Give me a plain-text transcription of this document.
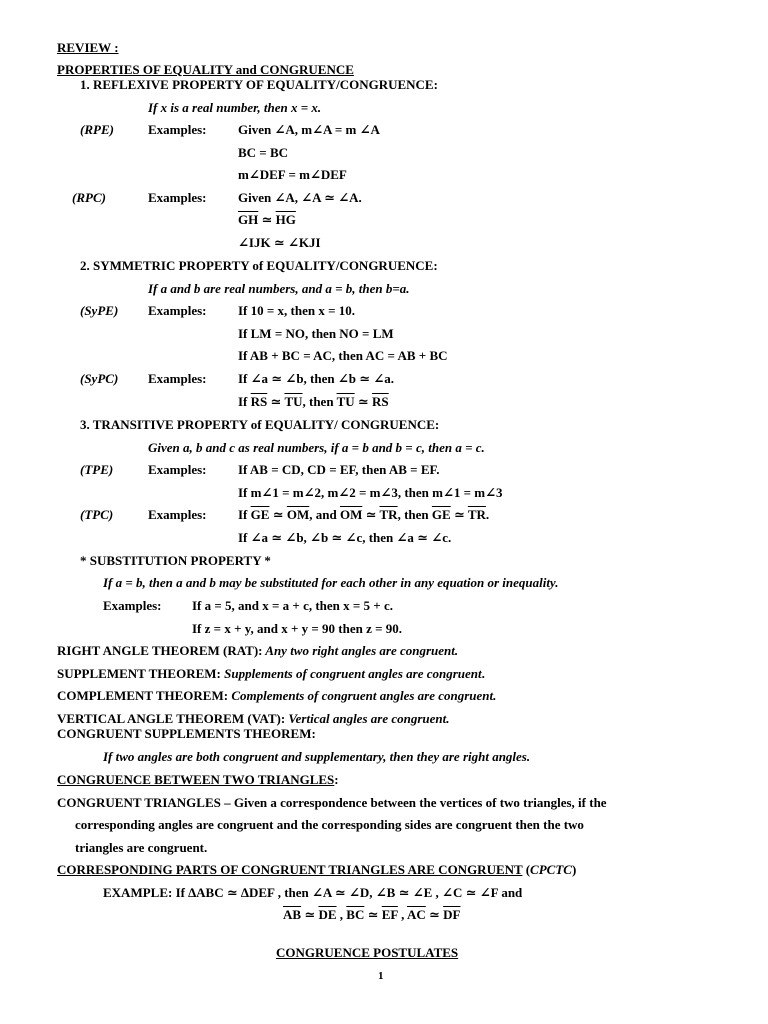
REVIEW :
PROPERTIES OF EQUALITY and CONGRUENCE
1. REFLEXIVE PROPERTY OF EQUALITY/CONGRUENCE:
If x is a real number, then x = x.
(RPE)	Examples: Given ∠A, m∠A = m ∠A
BC = BC
m∠DEF = m∠DEF
(RPC)	Examples: Given ∠A, ∠A ≃ ∠A.
$\overline{GH}$ ≃ $\overline{HG}$
∠IJK ≃ ∠KJI
2. SYMMETRIC PROPERTY of EQUALITY/CONGRUENCE:
If a and b are real numbers, and a = b, then b=a.
(SyPE) Examples: If 10 = x, then x = 10.
If LM = NO, then NO = LM
If AB + BC = AC, then AC = AB + BC
(SyPC) Examples: If ∠a ≃ ∠b, then ∠b ≃ ∠a.
If $\overline{RS}$ ≃ $\overline{TU}$, then $\overline{TU}$ ≃ $\overline{RS}$
3. TRANSITIVE PROPERTY of EQUALITY/ CONGRUENCE:
Given a, b and c as real numbers, if a = b and b = c, then a = c.
(TPE)	Examples: If AB = CD, CD = EF, then AB = EF.
If m∠1 = m∠2, m∠2 = m∠3, then m∠1 = m∠3
(TPC)	Examples: If $\overline{GE}$ ≃ $\overline{OM}$, and $\overline{OM}$ ≃ $\overline{TR}$, then $\overline{GE}$ ≃ $\overline{TR}$.
If ∠a ≃ ∠b, ∠b ≃ ∠c, then ∠a ≃ ∠c.
* SUBSTITUTION PROPERTY *
If a = b, then a and b may be substituted for each other in any equation or inequality.
Examples: If a = 5, and x = a + c, then x = 5 + c.
If z = x + y, and x + y = 90 then z = 90.
RIGHT ANGLE THEOREM (RAT): Any two right angles are congruent.
SUPPLEMENT THEOREM: Supplements of congruent angles are congruent.
COMPLEMENT THEOREM: Complements of congruent angles are congruent.
VERTICAL ANGLE THEOREM (VAT): Vertical angles are congruent.
CONGRUENT SUPPLEMENTS THEOREM:
If two angles are both congruent and supplementary, then they are right angles.
CONGRUENCE BETWEEN TWO TRIANGLES:
CONGRUENT TRIANGLES – Given a correspondence between the vertices of two triangles, if the
corresponding angles are congruent and the corresponding sides are congruent then the two
triangles are congruent.
CORRESPONDING PARTS OF CONGRUENT TRIANGLES ARE CONGRUENT (CPCTC)
EXAMPLE: If ∆ABC ≃ ∆DEF , then ∠A ≃ ∠D, ∠B ≃ ∠E , ∠C ≃ ∠F and
$\overline{AB}$ ≃ $\overline{DE}$ , $\overline{BC}$ ≃ $\overline{EF}$ , $\overline{AC}$ ≃ $\overline{DF}$
CONGRUENCE POSTULATES
1
